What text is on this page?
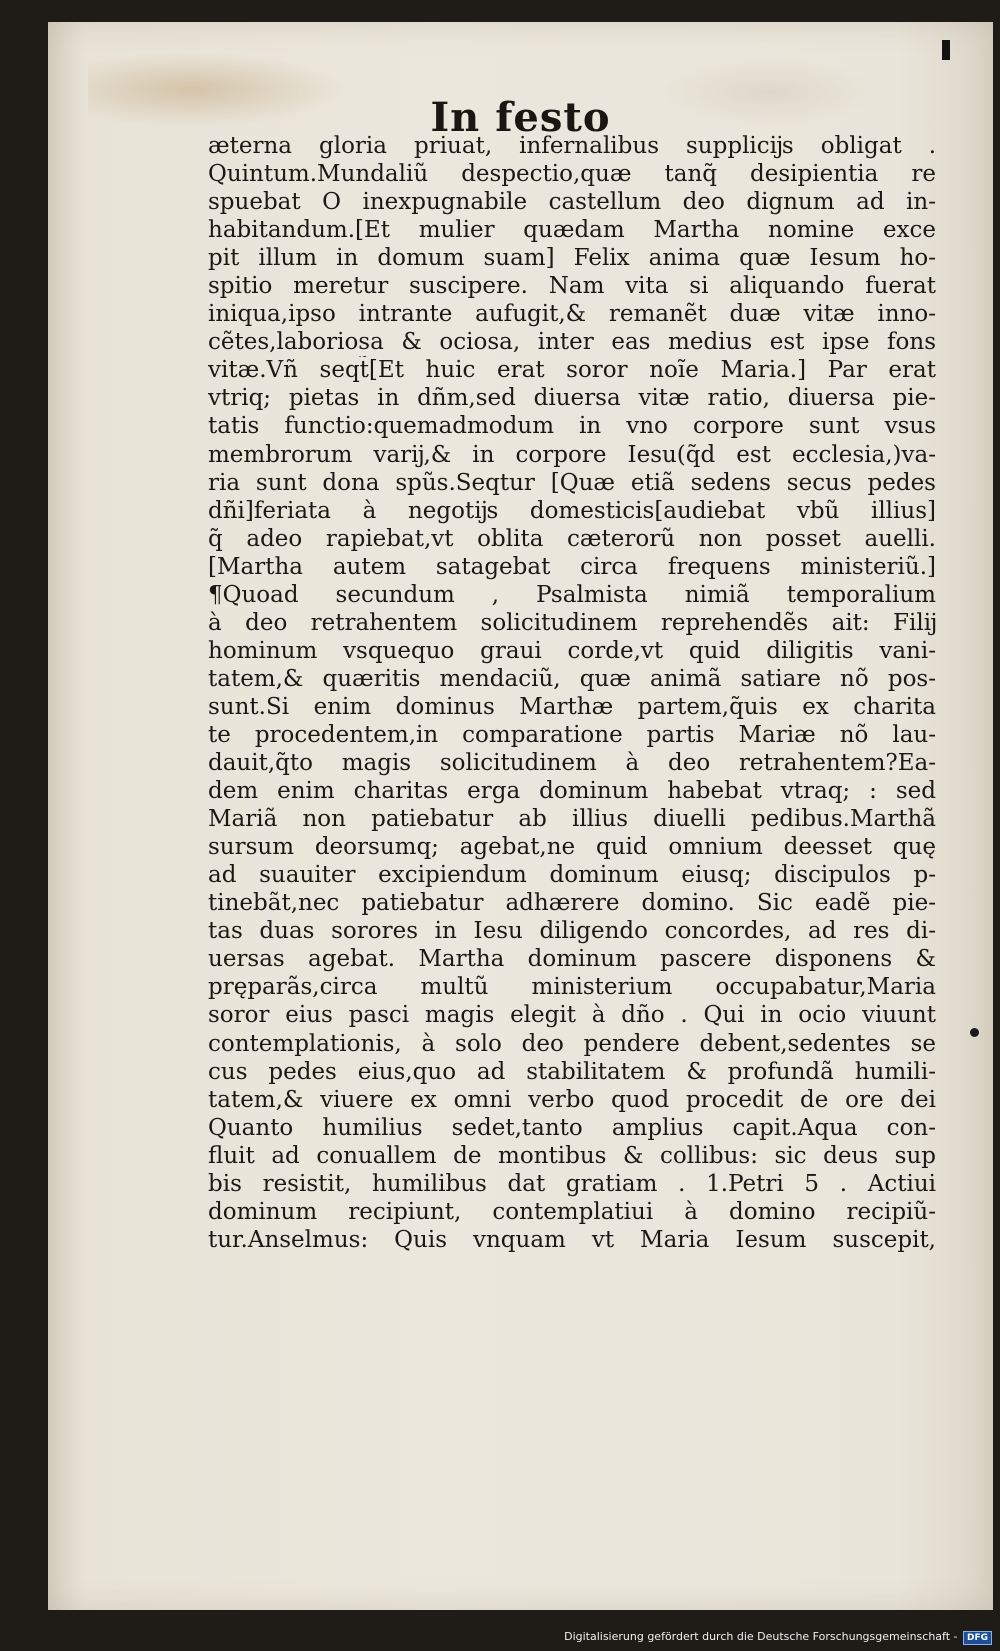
In festo
æterna gloria priuat, infernalibus supplicĳs obligat .
Quintum.Mundaliũ despectio,quæ tanq̃ desipientia re
spuebat O inexpugnabile castellum deo dignum ad in-
habitandum.[Et mulier quædam Martha nomine exce
pit illum in domum suam] Felix anima quæ Iesum ho-
spitio meretur suscipere. Nam vita si aliquando fuerat
iniqua,ipso intrante aufugit,& remanẽt duæ vitæ inno-
cẽtes,laboriosa & ociosa, inter eas medius est ipse fons
vitæ.Vñ seqt̃[Et huic erat soror noĩe Maria.] Par erat
vtriq; pietas in dñm,sed diuersa vitæ ratio, diuersa pie-
tatis functio:quemadmodum in vno corpore sunt vsus
membrorum varĳ,& in corpore Iesu(q̃d est ecclesia,)va-
ria sunt dona spũs.Seqtur [Quæ etiã sedens secus pedes
dñi]feriata à negotĳs domesticis[audiebat vbũ illius]
q̃ adeo rapiebat,vt oblita cæterorũ non posset auelli.
[Martha autem satagebat circa frequens ministeriũ.]
¶Quoad secundum , Psalmista nimiã temporalium
à deo retrahentem solicitudinem reprehendẽs ait: Filĳ
hominum vsquequo graui corde,vt quid diligitis vani-
tatem,& quæritis mendaciũ, quæ animã satiare nõ pos-
sunt.Si enim dominus Marthæ partem,q̃uis ex charita
te procedentem,in comparatione partis Mariæ nõ lau-
dauit,q̃to magis solicitudinem à deo retrahentem?Ea-
dem enim charitas erga dominum habebat vtraq; : sed
Mariã non patiebatur ab illius diuelli pedibus.Marthã
sursum deorsumq; agebat,ne quid omnium deesset quę
ad suauiter excipiendum dominum eiusq; discipulos p-
tinebãt,nec patiebatur adhærere domino. Sic eadẽ pie-
tas duas sorores in Iesu diligendo concordes, ad res di-
uersas agebat. Martha dominum pascere disponens &
pręparãs,circa multũ ministerium occupabatur,Maria
soror eius pasci magis elegit à dño . Qui in ocio viuunt
contemplationis, à solo deo pendere debent,sedentes se
cus pedes eius,quo ad stabilitatem & profundã humili-
tatem,& viuere ex omni verbo quod procedit de ore dei
Quanto humilius sedet,tanto amplius capit.Aqua con-
fluit ad conuallem de montibus & collibus: sic deus sup
bis resistit, humilibus dat gratiam . 1.Petri 5 . Actiui
dominum recipiunt, contemplatiui à domino recipiũ-
tur.Anselmus: Quis vnquam vt Maria Iesum suscepit,
Digitalisierung gefördert durch die Deutsche Forschungsgemeinschaft - DFG
